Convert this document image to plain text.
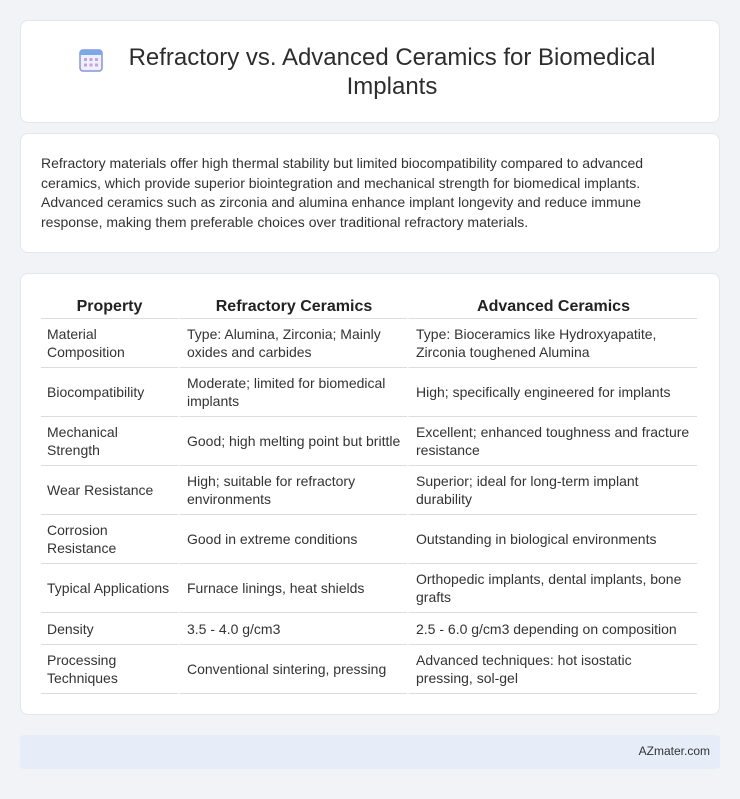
Refractory vs. Advanced Ceramics for Biomedical Implants

Refractory materials offer high thermal stability but limited biocompatibility compared to advanced ceramics, which provide superior biointegration and mechanical strength for biomedical implants. Advanced ceramics such as zirconia and alumina enhance implant longevity and reduce immune response, making them preferable choices over traditional refractory materials.

Property	Refractory Ceramics	Advanced Ceramics
Material Composition	Type: Alumina, Zirconia; Mainly oxides and carbides	Type: Bioceramics like Hydroxyapatite, Zirconia toughened Alumina
Biocompatibility	Moderate; limited for biomedical implants	High; specifically engineered for implants
Mechanical Strength	Good; high melting point but brittle	Excellent; enhanced toughness and fracture resistance
Wear Resistance	High; suitable for refractory environments	Superior; ideal for long-term implant durability
Corrosion Resistance	Good in extreme conditions	Outstanding in biological environments
Typical Applications	Furnace linings, heat shields	Orthopedic implants, dental implants, bone grafts
Density	3.5 - 4.0 g/cm3	2.5 - 6.0 g/cm3 depending on composition
Processing Techniques	Conventional sintering, pressing	Advanced techniques: hot isostatic pressing, sol-gel
AZmater.com
